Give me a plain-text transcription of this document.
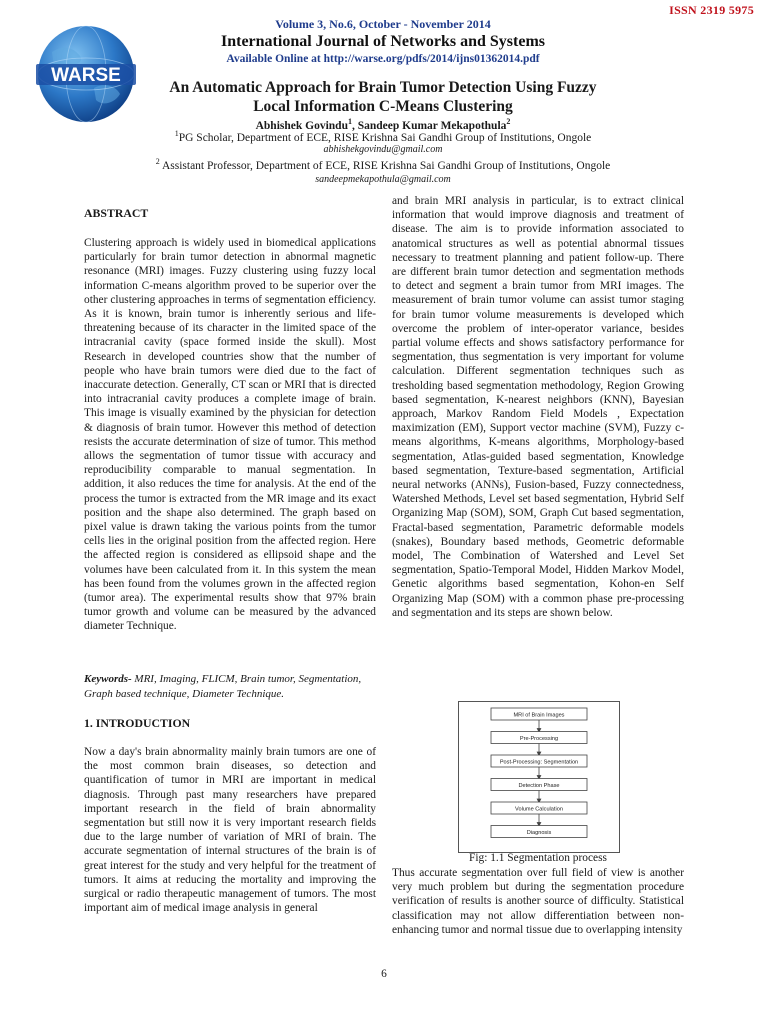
ISSN 2319 5975
WARSE
Volume 3, No.6, October - November 2014
International Journal of Networks and Systems
Available Online at http://warse.org/pdfs/2014/ijns01362014.pdf
An Automatic Approach for Brain Tumor Detection Using Fuzzy
Local Information C-Means Clustering
Abhishek Govindu$^1$, Sandeep Kumar Mekapothula$^2$
$^1$PG Scholar, Department of ECE, RISE Krishna Sai Gandhi Group of Institutions, Ongole
abhishekgovindu@gmail.com
$^2$ Assistant Professor, Department of ECE, RISE Krishna Sai Gandhi Group of Institutions, Ongole
sandeepmekapothula@gmail.com
ABSTRACT

Clustering approach is widely used in biomedical applications particularly for brain tumor detection in abnormal magnetic resonance (MRI) images. Fuzzy clustering using fuzzy local information C-means algorithm proved to be superior over the other clustering approaches in terms of segmentation efficiency. As it is known, brain tumor is inherently serious and life-threatening because of its character in the limited space of the intracranial cavity (space formed inside the skull). Most Research in developed countries show that the number of people who have brain tumors were died due to the fact of inaccurate detection. Generally, CT scan or MRI that is directed into intracranial cavity produces a complete image of brain. This image is visually examined by the physician for detection & diagnosis of brain tumor. However this method of detection resists the accurate determination of size of tumor. This method allows the segmentation of tumor tissue with accuracy and reproducibility comparable to manual segmentation. In addition, it also reduces the time for analysis. At the end of the process the tumor is extracted from the MR image and its exact position and the shape also determined. The graph based on pixel value is drawn taking the various points from the tumor cells lies in the original position from the affected region. Here the affected region is considered as ellipsoid shape and the volumes have been calculated from it. In this system the mean has been found from the volumes grown in the affected region (tumor area). The experimental results show that 97% brain tumor growth and volume can be measured by the advanced diameter Technique.

Keywords- MRI, Imaging, FLICM, Brain tumor, Segmentation, Graph based technique, Diameter Technique.
1. INTRODUCTION

Now a day's brain abnormality mainly brain tumors are one of the most common brain diseases, so detection and quantification of tumor in MRI are important in medical diagnosis. Through past many researchers have prepared important research in the field of brain abnormality segmentation but still now it is very important research fields due to the large number of variation of MRI of brain. The accurate segmentation of internal structures of the brain is of great interest for the study and very helpful for the treatment of tumors. It aims at reducing the mortality and improving the surgical or radio therapeutic management of tumors. The most important aim of medical image analysis in general

and brain MRI analysis in particular, is to extract clinical information that would improve diagnosis and treatment of disease. The aim is to provide information associated to anatomical structures as well as potential abnormal tissues necessary to treatment planning and patient follow-up. There are different brain tumor detection and segmentation methods to detect and segment a brain tumor from MRI images. The measurement of brain tumor volume can assist tumor staging for brain tumor volume measurements is developed which overcome the problem of inter-operator variance, besides partial volume effects and shows satisfactory performance for segmentation, thus segmentation is very important for volume calculation. Different segmentation techniques such as tresholding based segmentation methodology, Region Growing based segmentation, K-nearest neighbors (KNN), Bayesian approach, Markov Random Field Models , Expectation maximization (EM), Support vector machine (SVM), Fuzzy c-means algorithms, K-means algorithms, Morphology-based segmentation, Atlas-guided based segmentation, Knowledge based segmentation, Texture-based segmentation, Artificial neural networks (ANNs), Fusion-based, Fuzzy connectedness, Watershed Methods, Level set based segmentation, Hybrid Self Organizing Map (SOM), SOM, Graph Cut based segmentation, Fractal-based segmentation, Parametric deformable models (snakes), Boundary based methods, Geometric deformable model, The Combination of Watershed and Level Set segmentation, Spatio-Temporal Model, Hidden Markov Model, Genetic algorithms based segmentation, Kohon-en Self Organizing Map (SOM) with a common phase pre-processing and segmentation and its steps are shown below.

MRI of Brain Images
Pre-Processing
Post-Processing: Segmentation
Detection Phase
Volume Calculation
Diagnosis
Fig: 1.1 Segmentation process

Thus accurate segmentation over full field of view is another very much problem but during the segmentation procedure verification of results is another source of difficulty. Statistical classification may not allow differentiation between non-enhancing tumor and normal tissue due to overlapping intensity

6
